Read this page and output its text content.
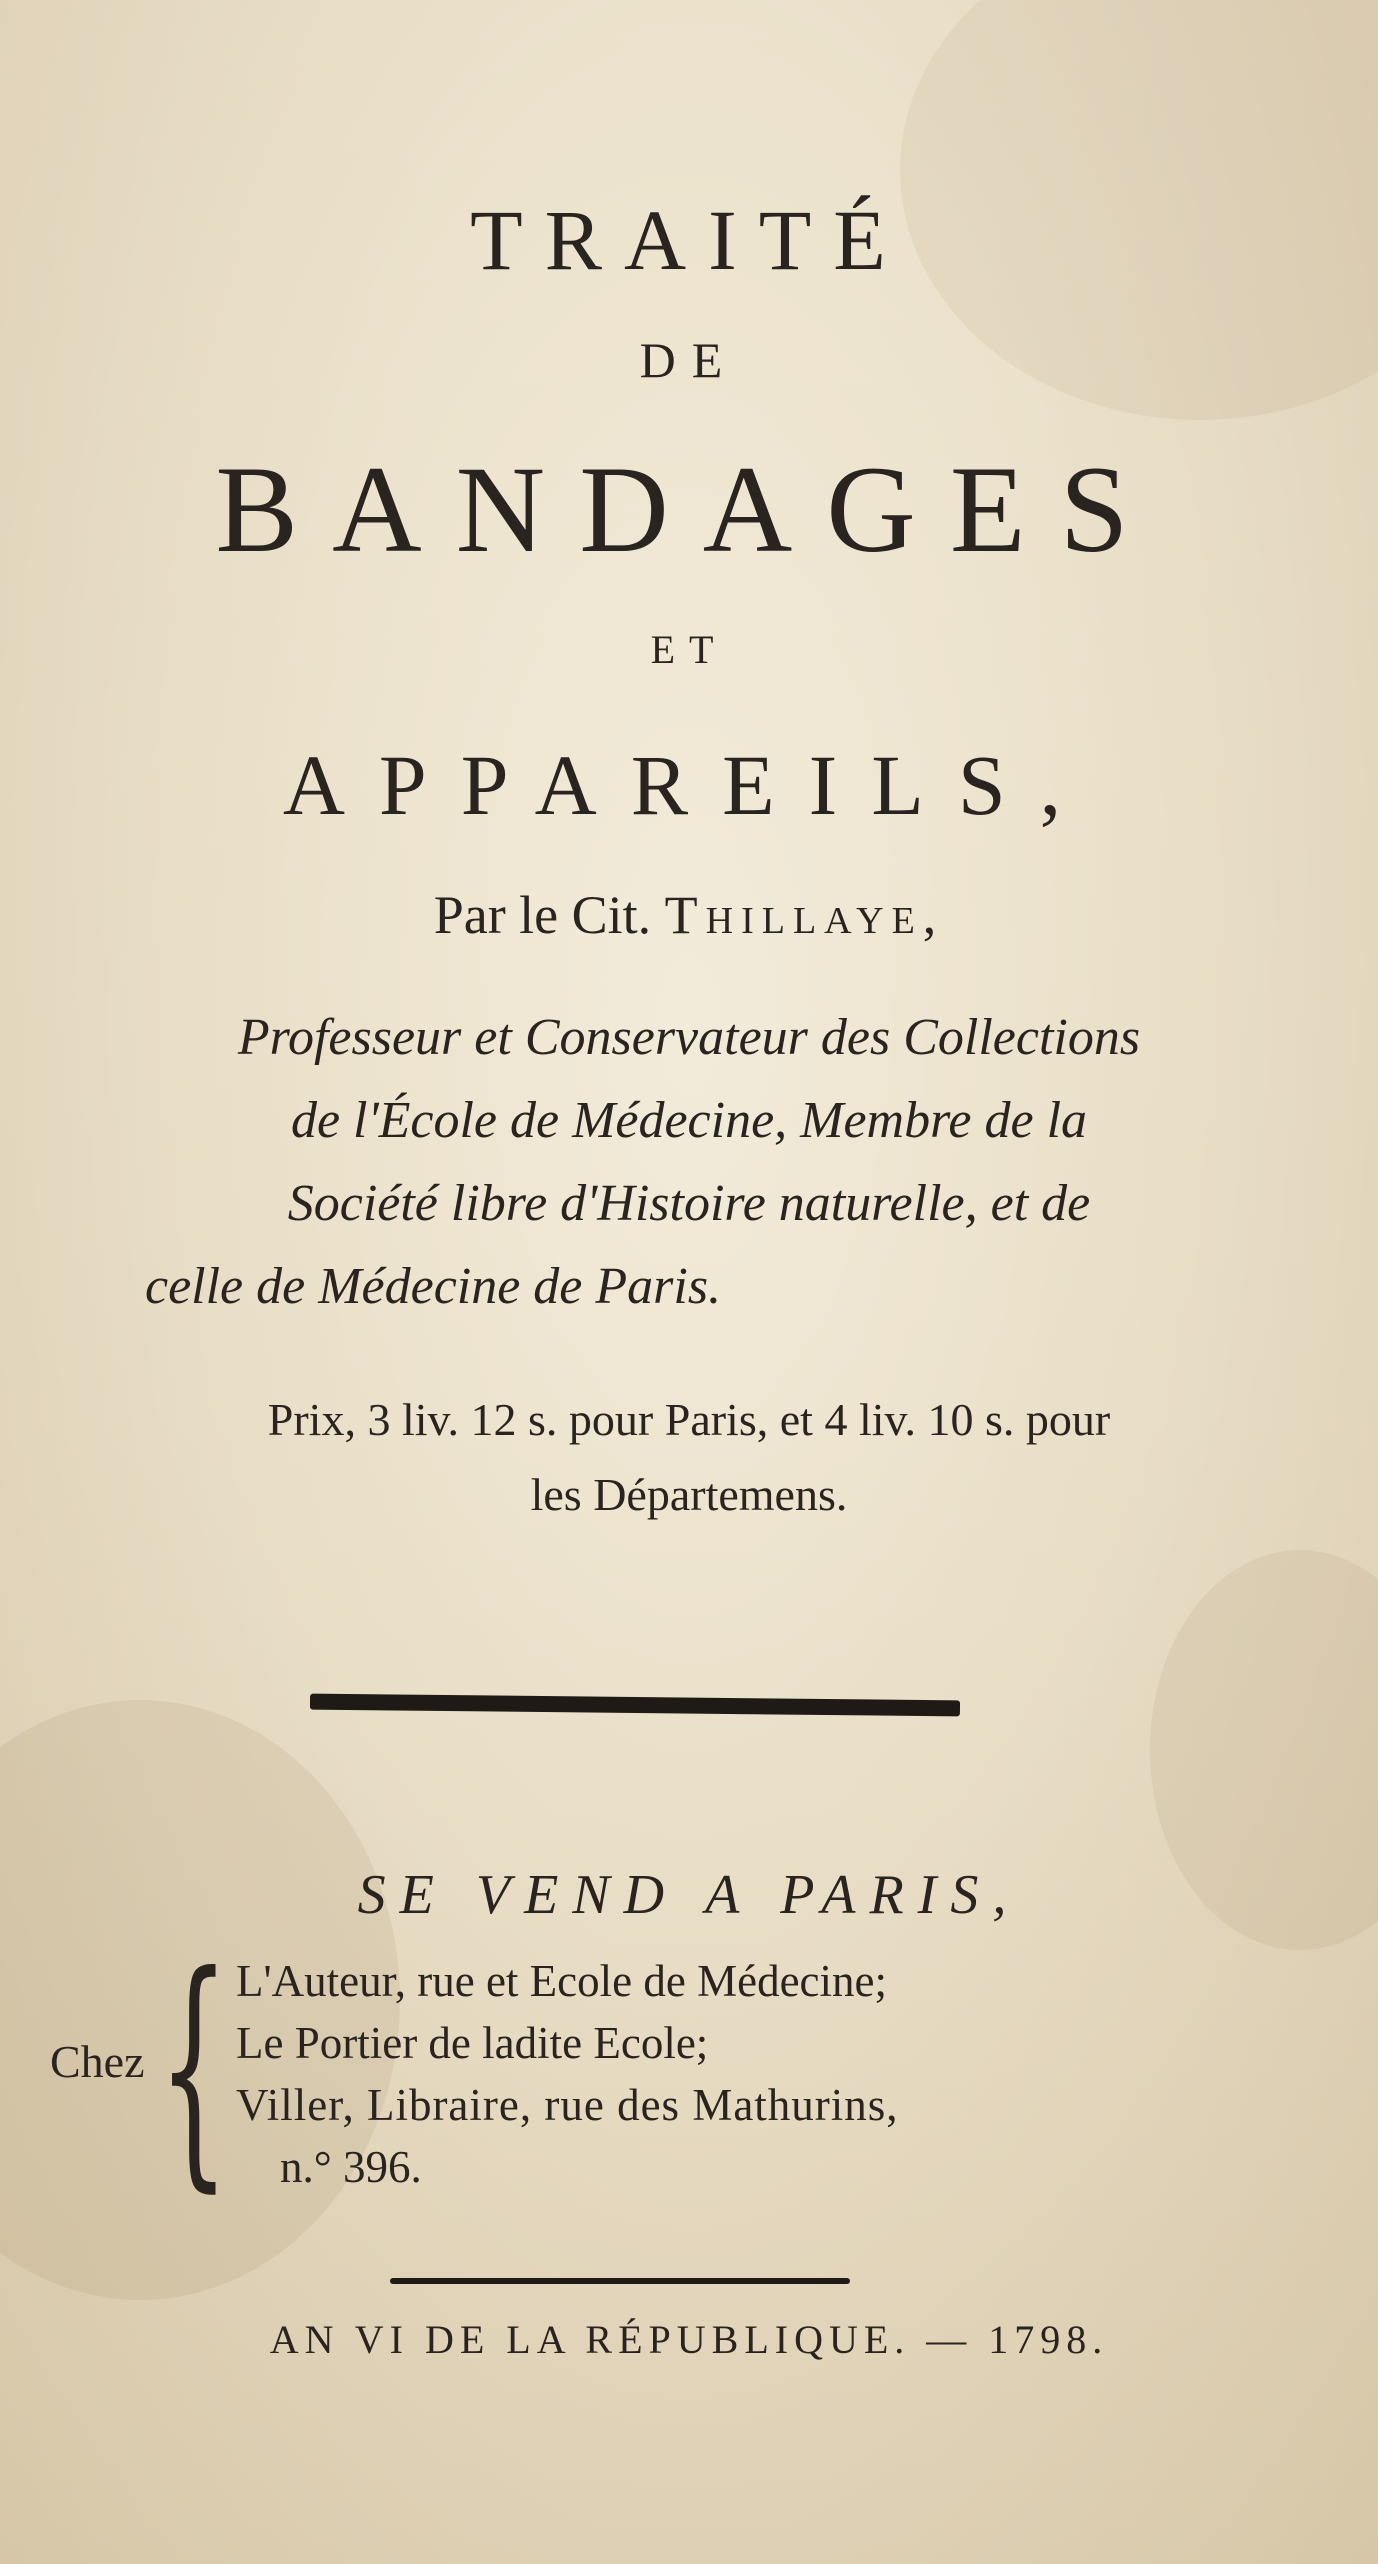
TRAITÉ
DE
BANDAGES
ET
APPAREILS,
Par le Cit. Thillaye,
Professeur et Conservateur des Collections
de l'École de Médecine, Membre de la
Société libre d'Histoire naturelle, et de
celle de Médecine de Paris.
Prix, 3 liv. 12 s. pour Paris, et 4 liv. 10 s. pour
les Départemens.
SE VEND A PARIS,
Chez { L'Auteur, rue et Ecole de Médecine;
Le Portier de ladite Ecole;
Viller, Libraire, rue des Mathurins,
n.° 396.
AN VI DE LA RÉPUBLIQUE. — 1798.
